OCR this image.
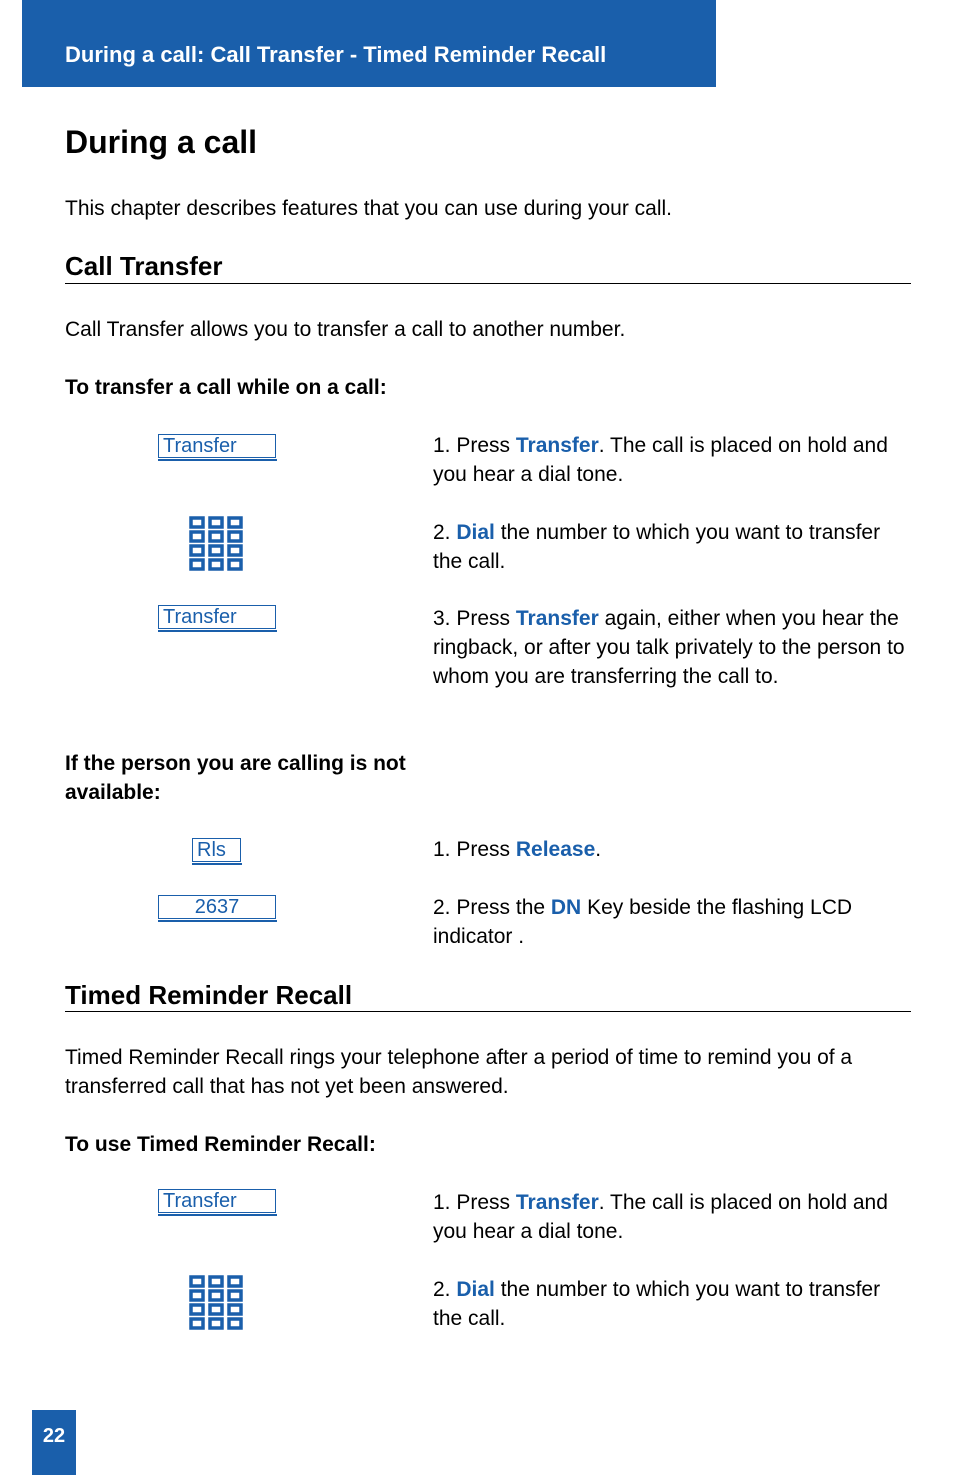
During a call: Call Transfer - Timed Reminder Recall
During a call
This chapter describes features that you can use during your call.
Call Transfer
Call Transfer allows you to transfer a call to another number.
To transfer a call while on a call:
Transfer	1. Press Transfer. The call is placed on hold and you hear a dial tone.
2. Dial the number to which you want to transfer the call.
Transfer	3. Press Transfer again, either when you hear the ringback, or after you talk privately to the person to whom you are transferring the call to.
If the person you are calling is not available:
Rls	1. Press Release.
2637	2. Press the DN Key beside the flashing LCD indicator .
Timed Reminder Recall
Timed Reminder Recall rings your telephone after a period of time to remind you of a transferred call that has not yet been answered.
To use Timed Reminder Recall:
Transfer	1. Press Transfer. The call is placed on hold and you hear a dial tone.
2. Dial the number to which you want to transfer the call.
22
